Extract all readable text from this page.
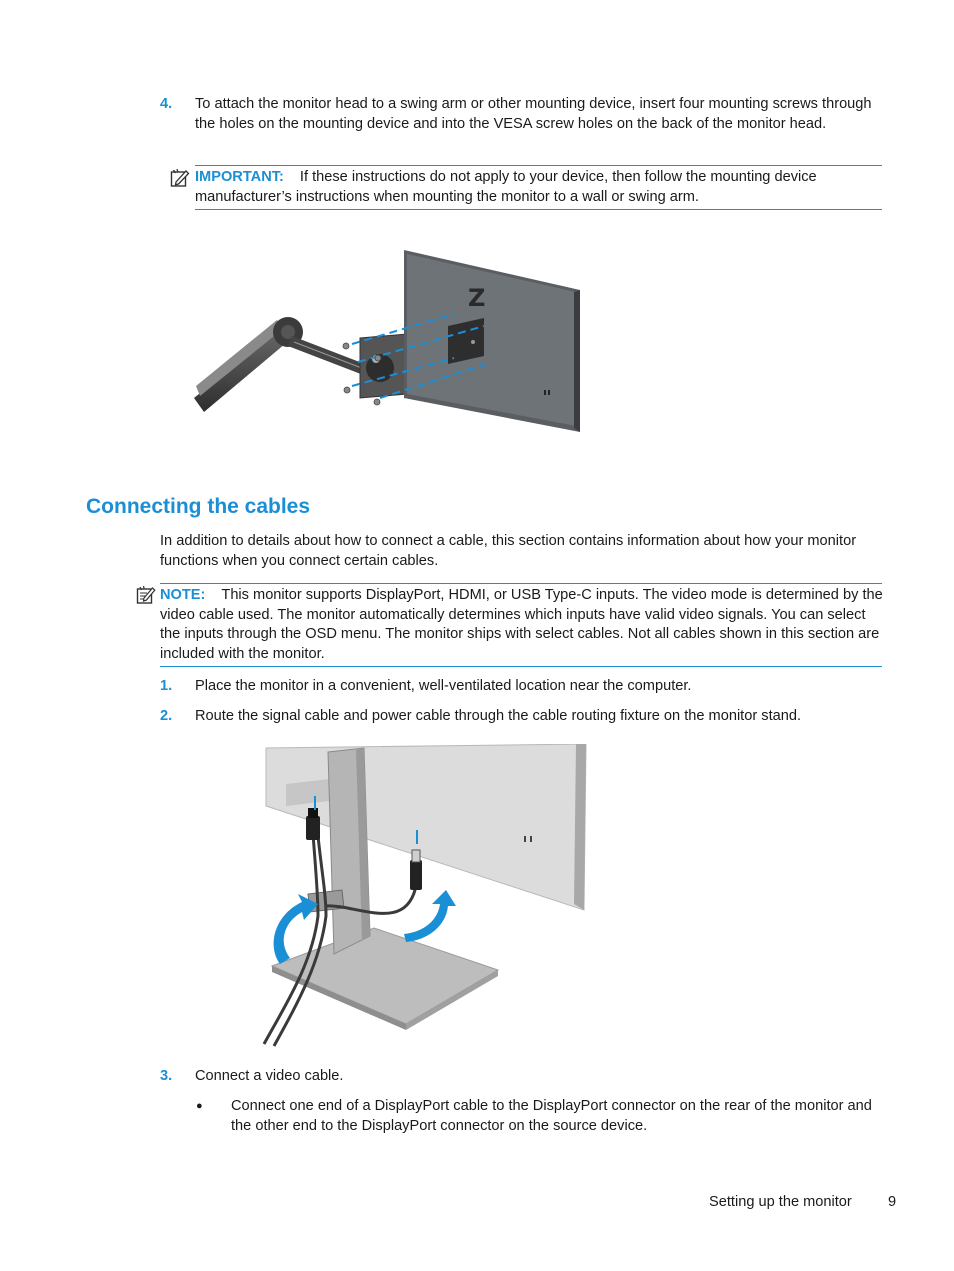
4. To attach the monitor head to a swing arm or other mounting device, insert four mounting screws through the holes on the mounting device and into the VESA screw holes on the back of the monitor head.
IMPORTANT: If these instructions do not apply to your device, then follow the mounting device manufacturer’s instructions when mounting the monitor to a wall or swing arm.
Z
Connecting the cables
In addition to details about how to connect a cable, this section contains information about how your monitor functions when you connect certain cables.
NOTE: This monitor supports DisplayPort, HDMI, or USB Type-C inputs. The video mode is determined by the video cable used. The monitor automatically determines which inputs have valid video signals. You can select the inputs through the OSD menu. The monitor ships with select cables. Not all cables shown in this section are included with the monitor.
1. Place the monitor in a convenient, well-ventilated location near the computer.
2. Route the signal cable and power cable through the cable routing fixture on the monitor stand.
3. Connect a video cable.
● Connect one end of a DisplayPort cable to the DisplayPort connector on the rear of the monitor and the other end to the DisplayPort connector on the source device.
Setting up the monitor 9
